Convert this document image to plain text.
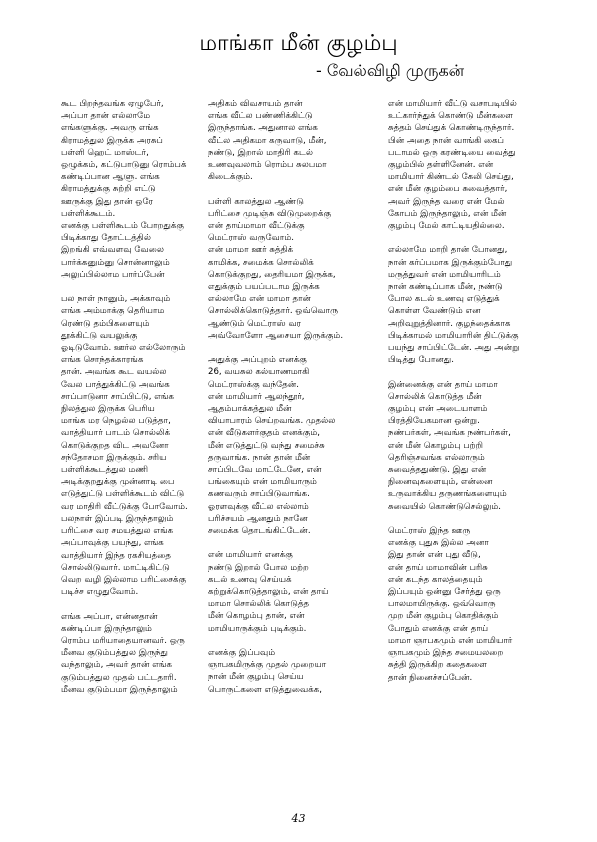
மாங்கா மீன் குழம்பு
- வேல்விழி முருகன்
கூட பிறந்தவங்க ஏழுபேர்,
அப்பா தான் எல்லாமே
எங்களுக்கு. அவரு எங்க
கிராமத்துல இருக்க அரசுப்
பள்ளி ஹெட் மாஸ்டர்,
ஒழுக்கம், கட்டுபாடுனு ரொம்பக்
கண்டிப்பான ஆளு. எங்க
கிராமத்துக்கு சுற்றி எட்டு
ஊருக்கு இது தான் ஒரே
பள்ளிக்கூடம்.
எனக்கு பள்ளிகூடம் போறதுக்கு
பிடிக்காது தோட்டத்தில்
இறங்கி எவ்வளவு வேலை
பார்க்கனும்னு சொன்னாலும்
அலுப்பில்லாம பார்ப்பேன்
பல நாள் நானும், அக்காவும்
எங்க அம்மாக்கு தெரியாம
ரெண்டு தம்பிகளையும்
தூக்கிட்டு வயலுக்கு
ஓடிடுவோம். ஊர்ல எல்லோரும்
எங்க சொந்தக்காரங்க
தான். அவங்க கூட வயல்ல
வேல பாத்துக்கிட்டு அவங்க
சாப்பாடுனா சாப்பிட்டு, எங்க
நிலத்துல இருக்க பெரிய
மாங்க மர நெழல்ல படுத்தா,
வாத்தியார் பாடம் சொல்லிக்
கொடுக்குறத விட அவனோ
சந்தோசமா இருக்கும். சரிய
பள்ளிக்கூடத்துல மணி
அடிக்குறதுக்கு முன்னாடி பை
எடுத்துட்டு பள்ளிக்கூடம் விட்டு
வர மாதிரி வீட்டுக்கு போவோம்.
பலநாள் இப்படி இருந்தாலும்
பரிட்சை வர சமயத்துல எங்க
அப்பாவுக்கு பயந்து, எங்க
வாத்தியார் இந்த ரகசியத்தை
சொல்லிடுவார். மாட்டிகிட்டு
வெற வழி இல்லாம பரிட்சைக்கு
படிச்ச எழுதுவோம்.
எங்க அப்பா, என்னதான்
கண்டிப்பா இருந்தாலும்
ரொம்ப மரியாதையானவர். ஒரு
மீனவ குடும்பத்துல இருந்து
வந்தாலும், அவர் தான் எங்க
குடும்பத்துல முதல் பட்டதாரி.
மீனவ குடும்பமா இருந்தாலும்
அதிகம் விவசாயம் தான்
எங்க வீட்ல பண்ணிக்கிட்டு
இருந்தாங்க. அதுனால எங்க
வீட்ல அதிகமா கருவாடு, மீன்,
நண்டு, இறால் மாதிரி கடல்
உணவுவலாம் ரொம்ப சுலபமா
கிடைக்கும்.
பள்ளி காலத்துல ஆண்டு
பரிட்சை முடிஞ்சு விடுமுறைக்கு
என் தாய்மாமா வீட்டுக்கு
மெட்ராஸ் வருவோம்.
என் மாமா ஊர் சுத்திக்
காமிக்க, சமைக்க சொல்லிக்
கொடுக்குறது, தைரியமா இருக்க,
எதுக்கும் பயப்படாம இருக்க
எல்லாமே என் மாமா தான்
சொல்லிக்கொடுத்தார். ஒவ்வொரு
ஆண்டும் மெட்ராஸ் வர
அவ்வோளோ ஆசையா இருக்கும்.
அதுக்கு அப்புறம் எனக்கு
26, வயசுல கல்யாணமாகி
மெட்ராஸ்க்கு வந்தேன்.
என் மாமியார் ஆலந்தூர்,
ஆதம்பாக்கத்துல மீன்
வியாபாரம் செய்றவங்க. முதல்ல
என் வீடுகளர்குதம் எனக்கும்,
மீன் எடுத்துட்டு வந்து சமைச்சு
தருவாங்க. நான் தான் மீன்
சாப்பிடவே மாட்டேனே, என்
பங்கையும் என் மாமியாரும்
கணவரும் சாப்பிடுவாங்க.
ஓரளவுக்கு வீட்ல எல்லாம்
பரிச்சயம் ஆனதும் நானே
சமைக்க தொடங்கிட்டேன்.
என் மாமியார் எனக்கு
நண்டு இறால் போல மற்ற
கடல் உணவு செய்யக்
கற்றுக்கொடுத்தாலும், என் தாய்
மாமா சொல்லிக் கொடுத்த
மீன் கொழம்பு தான், என்
மாமியாருக்கும் புடிக்கும்.
எனக்கு இப்பவும்
ஞாபகமிருக்கு முதல் முறையா
நான் மீன் குழம்பு செய்ய
பொருட்களை எடுத்துவைக்க,
என் மாமியார் வீட்டு வசாபடியில்
உட்கார்ந்துக் கொண்டு மீன்களை
சுத்தம் செய்துக் கொண்டிருந்தார்.
பின் அதை நான் வாங்கி கைப்
படாமல் ஒரு கரண்டியை வைத்து
குழம்பில் தள்ளினேன். என்
மாமியார் கிண்டல் கேலி செய்து,
என் மீன் குழம்பை சுவைத்தார்,
அவர் இருந்த வரை என் மேல்
கோபம் இருந்தாலும், என் மீன்
குழம்பு மேல் காட்டியதில்லை.
எல்லாமே மாறி தான் போனது,
நான் கர்ப்பமாக இருக்கும்போது
மருத்துவர் என் மாமியாரிடம்
நான் கண்டிப்பாக மீன், நண்டு
போல கடல் உணவு எடுத்துக்
கொள்ள வேண்டும் என
அறிவுறுத்தினார். குழந்தைக்காக
பிடிக்காமல் மாமியாரின் திட்டுக்கு
பயந்து சாப்பிட்டேன். அது அன்று
பிடித்து போனது.
இன்னைக்கு என் தாய் மாமா
சொல்லிக் கொடுத்த மீன்
குழம்பு என் அடையாளம்
பிரத்தியேகமான ஒன்று.
நண்பர்கள், அவங்க நண்பர்கள்,
என் மீன் கொழம்பு பற்றி
தெரிஞ்சவங்க எல்லாரும்
சுவைத்ததுண்டு. இது என்
நினைவுகளையும், என்னை
உருவாக்கிய தருணங்களையும்
சுவையில் கொண்டுசெல்லும்.
மெட்ராஸ் இந்த ஊரு
எனக்கு புதுசு இல்ல அனா
இது தான் என் புது வீடு,
என் தாய் மாமாவின் பரிசு
என் கடந்த காலத்தையும்
இப்பயும் ஒன்னு சேர்த்து ஒரு
பாலமாயிருக்கு. ஒவ்வொரு
முற மீன் குழம்பு கொதிக்கும்
போதும் எனக்கு என் தாய்
மாமா ஞாபகமும் என் மாமியார்
ஞாபகமும் இந்த சமையலறை
சுத்தி இருக்கிற கதைகளை
தான் நினைச்சப்பேன்.
43
